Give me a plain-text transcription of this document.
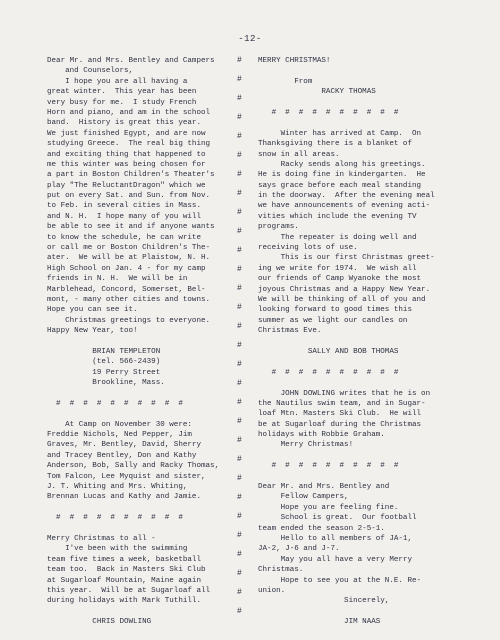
-12-
Dear Mr. and Mrs. Bentley and Campers
and Counselors,
I hope you are all having a
great winter.  This year has been
very busy for me.  I study French
Horn and piano, and am in the school
band.  History is great this year.
We just finished Egypt, and are now
studying Greece.  The real big thing
and exciting thing that happened to
me this winter was being chosen for
a part in Boston Children's Theater's
play "The ReluctantDragon" which we
put on every Sat. and Sun. from Nov.
to Feb. in several cities in Mass.
and N. H.  I hope many of you will
be able to see it and if anyone wants
to know the schedule, he can write
or call me or Boston Children's The-
ater.  We will be at Plaistow, N. H.
High School on Jan. 4 - for my camp
friends in N. H.  We will be in
Marblehead, Concord, Somerset, Bel-
mont, - many other cities and towns.
Hope you can see it.
Christmas greetings to everyone.
Happy New Year, too!
BRIAN TEMPLETON
(tel. 566-2439)
19 Perry Street
Brookline, Mass.
#  #  #  #  #  #  #  #  #  #
At Camp on November 30 were:
Freddie Nichols, Ned Pepper, Jim
Graves, Mr. Bentley, David, Sherry
and Tracey Bentley, Don and Kathy
Anderson, Bob, Sally and Racky Thomas,
Tom Falcon, Lee Myquist and sister,
J. T. Whiting and Mrs. Whiting,
Brennan Lucas and Kathy and Jamie.
#  #  #  #  #  #  #  #  #  #
Merry Christmas to all -
I've been with the swimming
team five times a week, basketball
team too.  Back in Masters Ski Club
at Sugarloaf Mountain, Maine again
this year.  Will be at Sugarloaf all
during holidays with Mark Tuthill.
CHRIS DOWLING
#
#
#
#
#
#
#
#
#
#
#
#
#
#
#
#
#
#
#
#
#
#
#
#
#
#
#
#
#
#
MERRY CHRISTMAS!
From
RACKY THOMAS
#  #  #  #  #  #  #  #  #  #
Winter has arrived at Camp.  On
Thanksgiving there is a blanket of
snow in all areas.
Racky sends along his greetings.
He is doing fine in kindergarten.  He
says grace before each meal standing
in the doorway.  After the evening meal
we have announcements of evening acti-
vities which include the evening TV
programs.
The repeater is doing well and
receiving lots of use.
This is our first Christmas greet-
ing we write for 1974.  We wish all
our friends of Camp Wyanoke the most
joyous Christmas and a Happy New Year.
We will be thinking of all of you and
looking forward to good times this
summer as we light our candles on
Christmas Eve.
SALLY AND BOB THOMAS
#  #  #  #  #  #  #  #  #  #
JOHN DOWLING writes that he is on
the Nautilus swim team, and in Sugar-
loaf Mtn. Masters Ski Club.  He will
be at Sugarloaf during the Christmas
holidays with Robbie Graham.
Merry Christmas!
#  #  #  #  #  #  #  #  #  #
Dear Mr. and Mrs. Bentley and
Fellow Campers,
Hope you are feeling fine.
School is great.  Our football
team ended the season 2-5-1.
Hello to all members of JA-1,
JA-2, J-6 and J-7.
May you all have a very Merry
Christmas.
Hope to see you at the N.E. Re-
union.
Sincerely,
JIM NAAS
